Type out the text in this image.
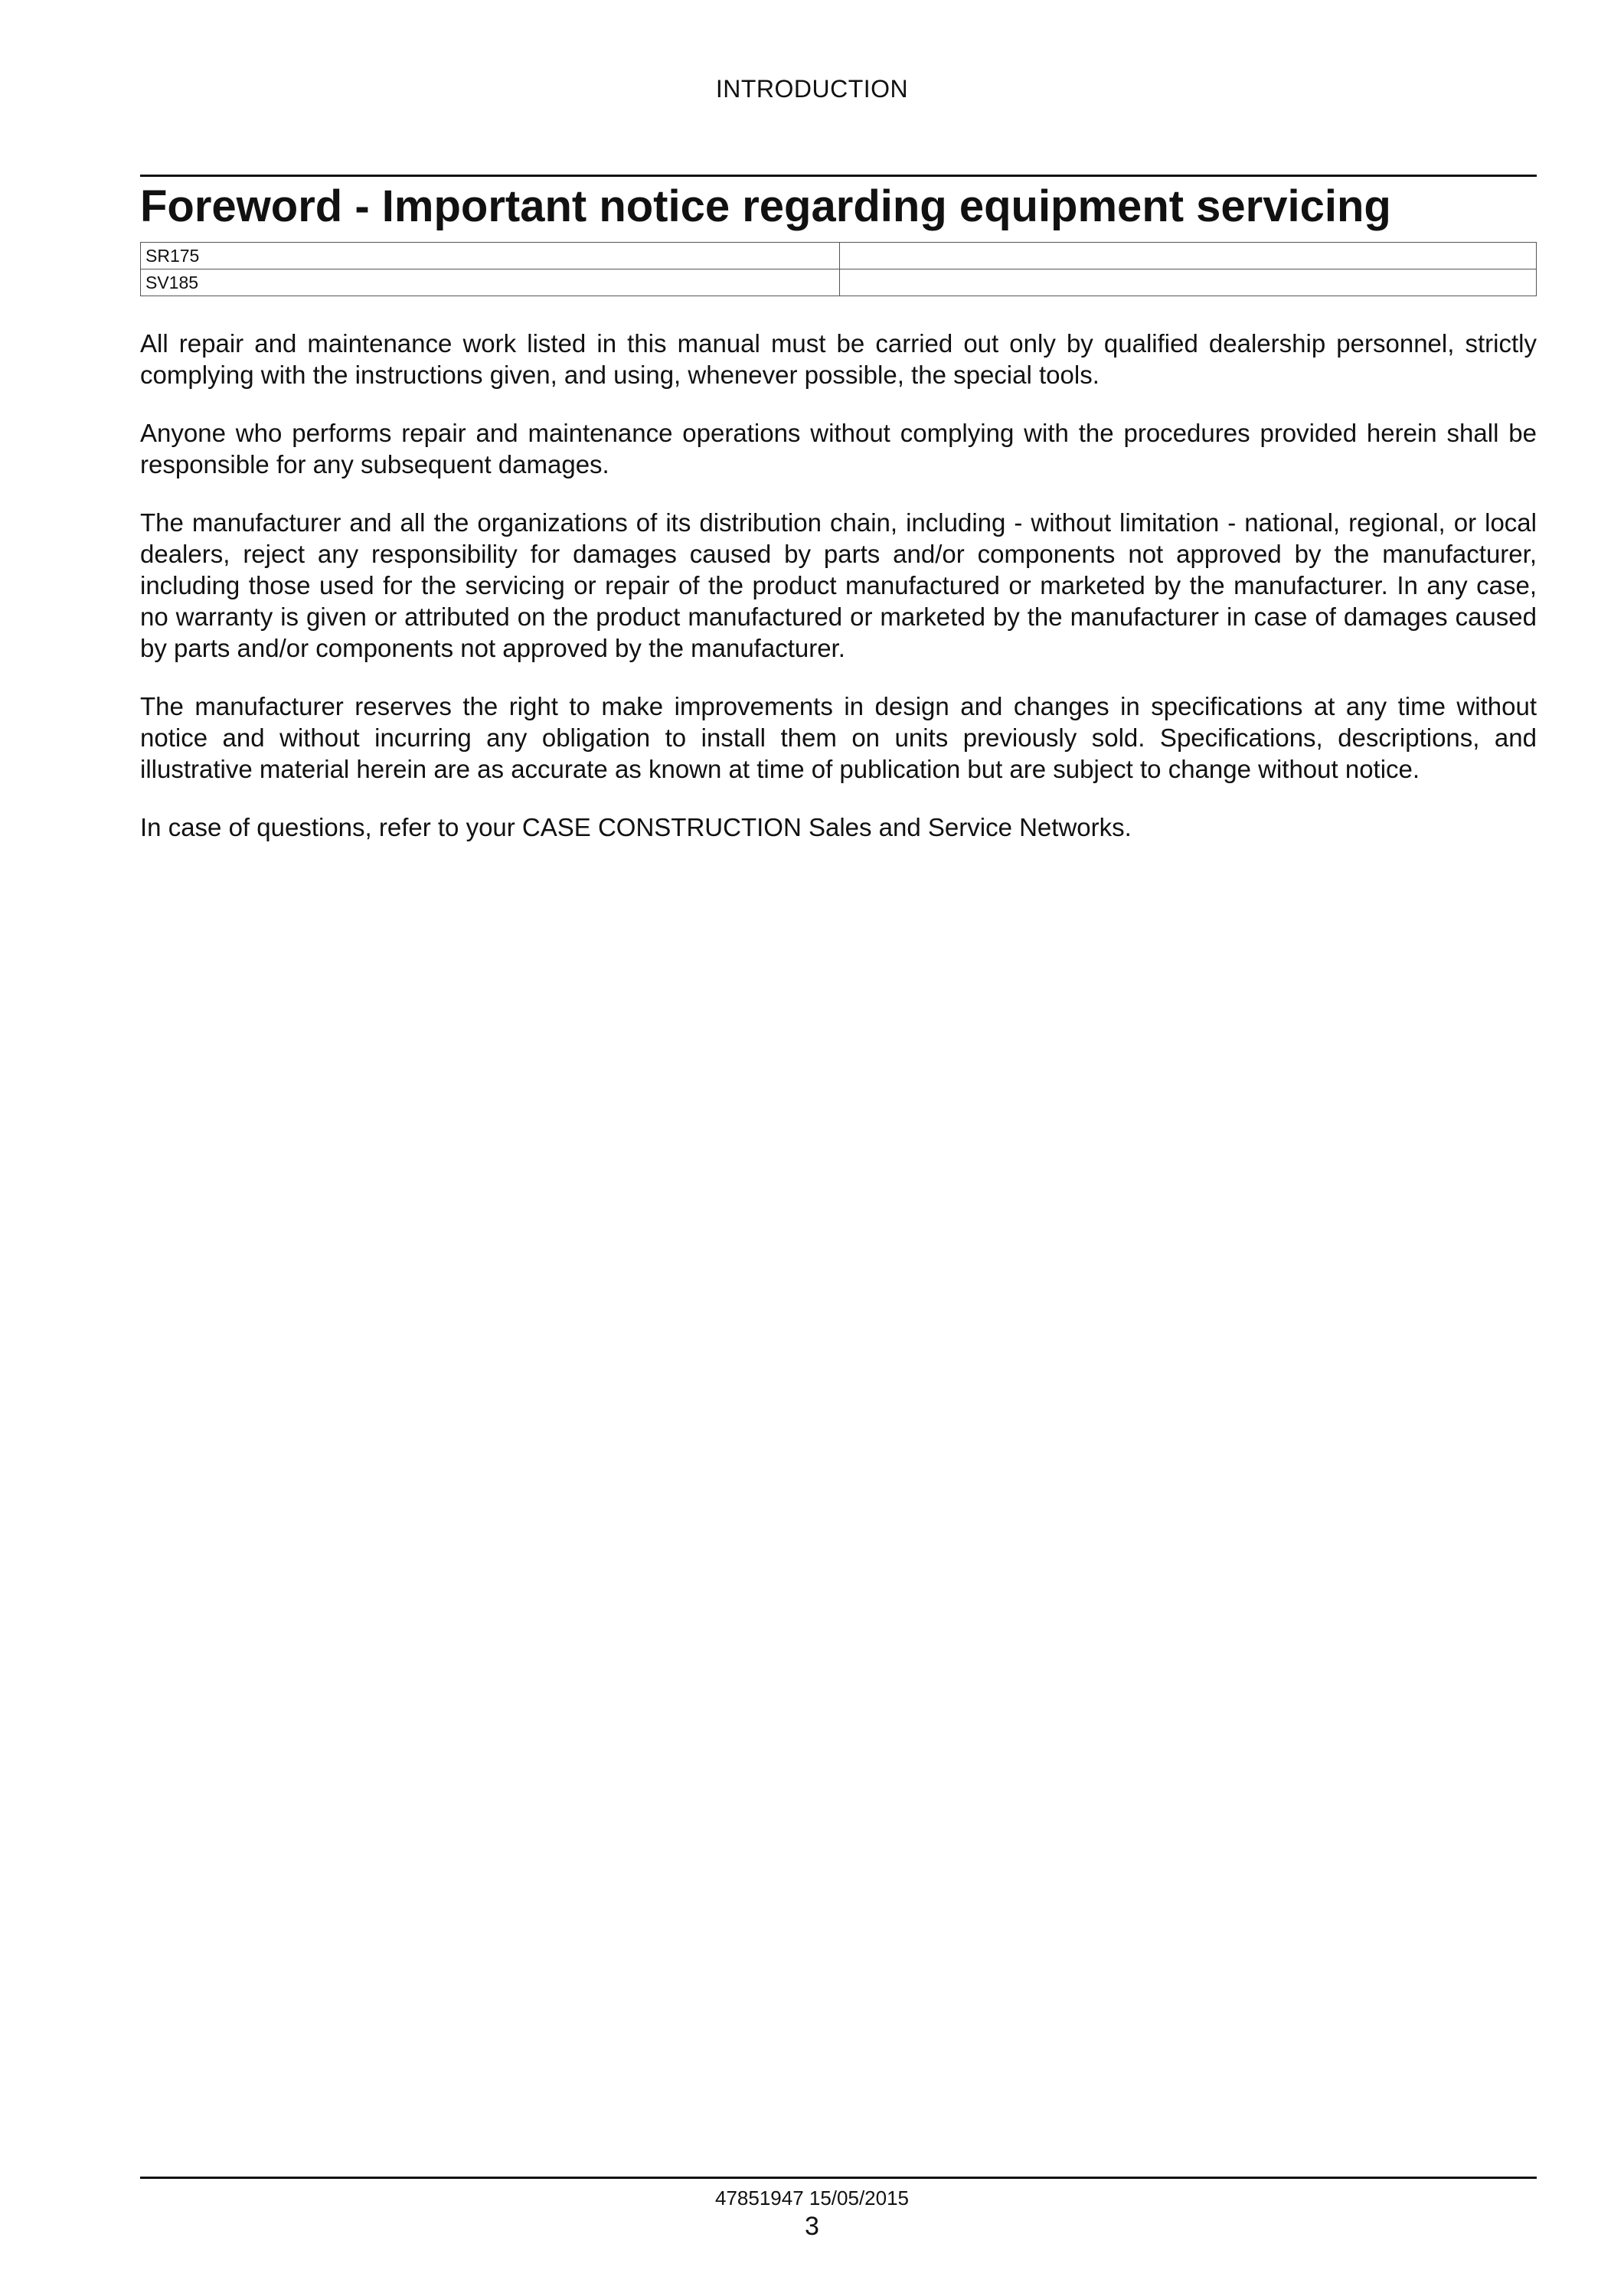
INTRODUCTION
Foreword - Important notice regarding equipment servicing
SR175	
SV185	

All repair and maintenance work listed in this manual must be carried out only by qualified dealership personnel, strictly complying with the instructions given, and using, whenever possible, the special tools.

Anyone who performs repair and maintenance operations without complying with the procedures provided herein shall be responsible for any subsequent damages.

The manufacturer and all the organizations of its distribution chain, including - without limitation - national, regional, or local dealers, reject any responsibility for damages caused by parts and/or components not approved by the manufacturer, including those used for the servicing or repair of the product manufactured or marketed by the manufacturer. In any case, no warranty is given or attributed on the product manufactured or marketed by the manufacturer in case of damages caused by parts and/or components not approved by the manufacturer.

The manufacturer reserves the right to make improvements in design and changes in specifications at any time without notice and without incurring any obligation to install them on units previously sold. Specifications, descriptions, and illustrative material herein are as accurate as known at time of publication but are subject to change without notice.

In case of questions, refer to your CASE CONSTRUCTION Sales and Service Networks.

47851947 15/05/2015
3
